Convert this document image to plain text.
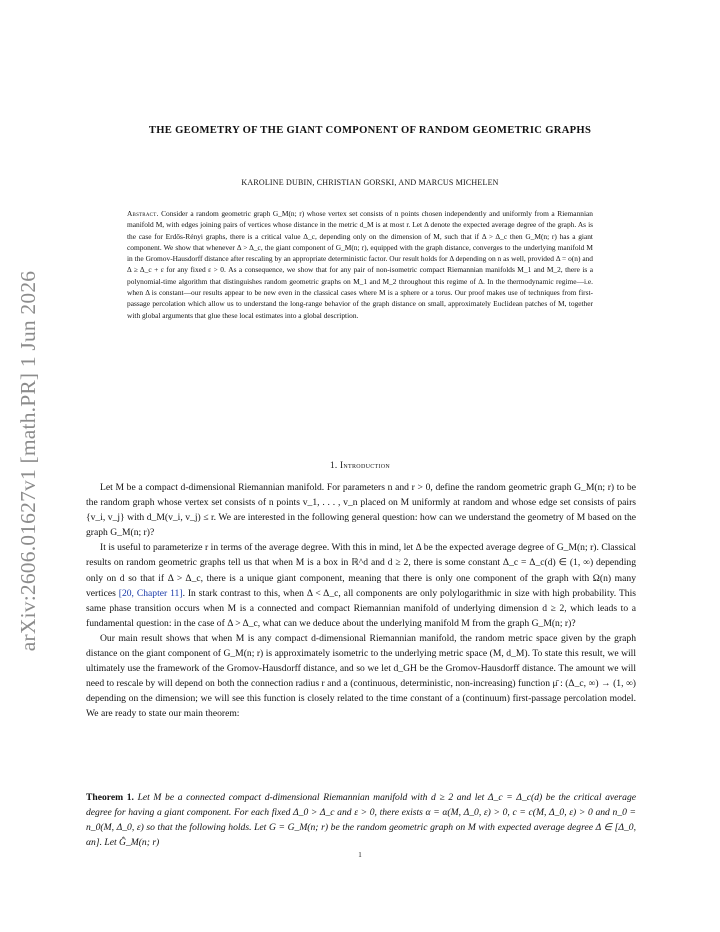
arXiv:2606.01627v1 [math.PR] 1 Jun 2026
THE GEOMETRY OF THE GIANT COMPONENT OF RANDOM GEOMETRIC GRAPHS
KAROLINE DUBIN, CHRISTIAN GORSKI, AND MARCUS MICHELEN
Abstract. Consider a random geometric graph G_M(n; r) whose vertex set consists of n points chosen independently and uniformly from a Riemannian manifold M, with edges joining pairs of vertices whose distance in the metric d_M is at most r. Let Δ denote the expected average degree of the graph. As is the case for Erdős-Rényi graphs, there is a critical value Δ_c, depending only on the dimension of M, such that if Δ > Δ_c then G_M(n; r) has a giant component. We show that whenever Δ > Δ_c, the giant component of G_M(n; r), equipped with the graph distance, converges to the underlying manifold M in the Gromov-Hausdorff distance after rescaling by an appropriate deterministic factor. Our result holds for Δ depending on n as well, provided Δ = o(n) and Δ ≥ Δ_c + ε for any fixed ε > 0. As a consequence, we show that for any pair of non-isometric compact Riemannian manifolds M_1 and M_2, there is a polynomial-time algorithm that distinguishes random geometric graphs on M_1 and M_2 throughout this regime of Δ. In the thermodynamic regime—i.e. when Δ is constant—our results appear to be new even in the classical cases where M is a sphere or a torus. Our proof makes use of techniques from first-passage percolation which allow us to understand the long-range behavior of the graph distance on small, approximately Euclidean patches of M, together with global arguments that glue these local estimates into a global description.
1. Introduction

Let M be a compact d-dimensional Riemannian manifold. For parameters n and r > 0, define the random geometric graph G_M(n; r) to be the random graph whose vertex set consists of n points v_1, . . . , v_n placed on M uniformly at random and whose edge set consists of pairs {v_i, v_j} with d_M(v_i, v_j) ≤ r. We are interested in the following general question: how can we understand the geometry of M based on the graph G_M(n; r)?

It is useful to parameterize r in terms of the average degree. With this in mind, let Δ be the expected average degree of G_M(n; r). Classical results on random geometric graphs tell us that when M is a box in ℝ^d and d ≥ 2, there is some constant Δ_c = Δ_c(d) ∈ (1, ∞) depending only on d so that if Δ > Δ_c, there is a unique giant component, meaning that there is only one component of the graph with Ω(n) many vertices [20, Chapter 11]. In stark contrast to this, when Δ < Δ_c, all components are only polylogarithmic in size with high probability. This same phase transition occurs when M is a connected and compact Riemannian manifold of underlying dimension d ≥ 2, which leads to a fundamental question: in the case of Δ > Δ_c, what can we deduce about the underlying manifold M from the graph G_M(n; r)?

Our main result shows that when M is any compact d-dimensional Riemannian manifold, the random metric space given by the graph distance on the giant component of G_M(n; r) is approximately isometric to the underlying metric space (M, d_M). To state this result, we will ultimately use the framework of the Gromov-Hausdorff distance, and so we let d_GH be the Gromov-Hausdorff distance. The amount we will need to rescale by will depend on both the connection radius r and a (continuous, deterministic, non-increasing) function μ̄ : (Δ_c, ∞) → (1, ∞) depending on the dimension; we will see this function is closely related to the time constant of a (continuum) first-passage percolation model. We are ready to state our main theorem:

Theorem 1. Let M be a connected compact d-dimensional Riemannian manifold with d ≥ 2 and let Δ_c = Δ_c(d) be the critical average degree for having a giant component. For each fixed Δ_0 > Δ_c and ε > 0, there exists α = α(M, Δ_0, ε) > 0, c = c(M, Δ_0, ε) > 0 and n_0 = n_0(M, Δ_0, ε) so that the following holds. Let G = G_M(n; r) be the random geometric graph on M with expected average degree Δ ∈ [Δ_0, αn]. Let Ĝ_M(n; r)
1
